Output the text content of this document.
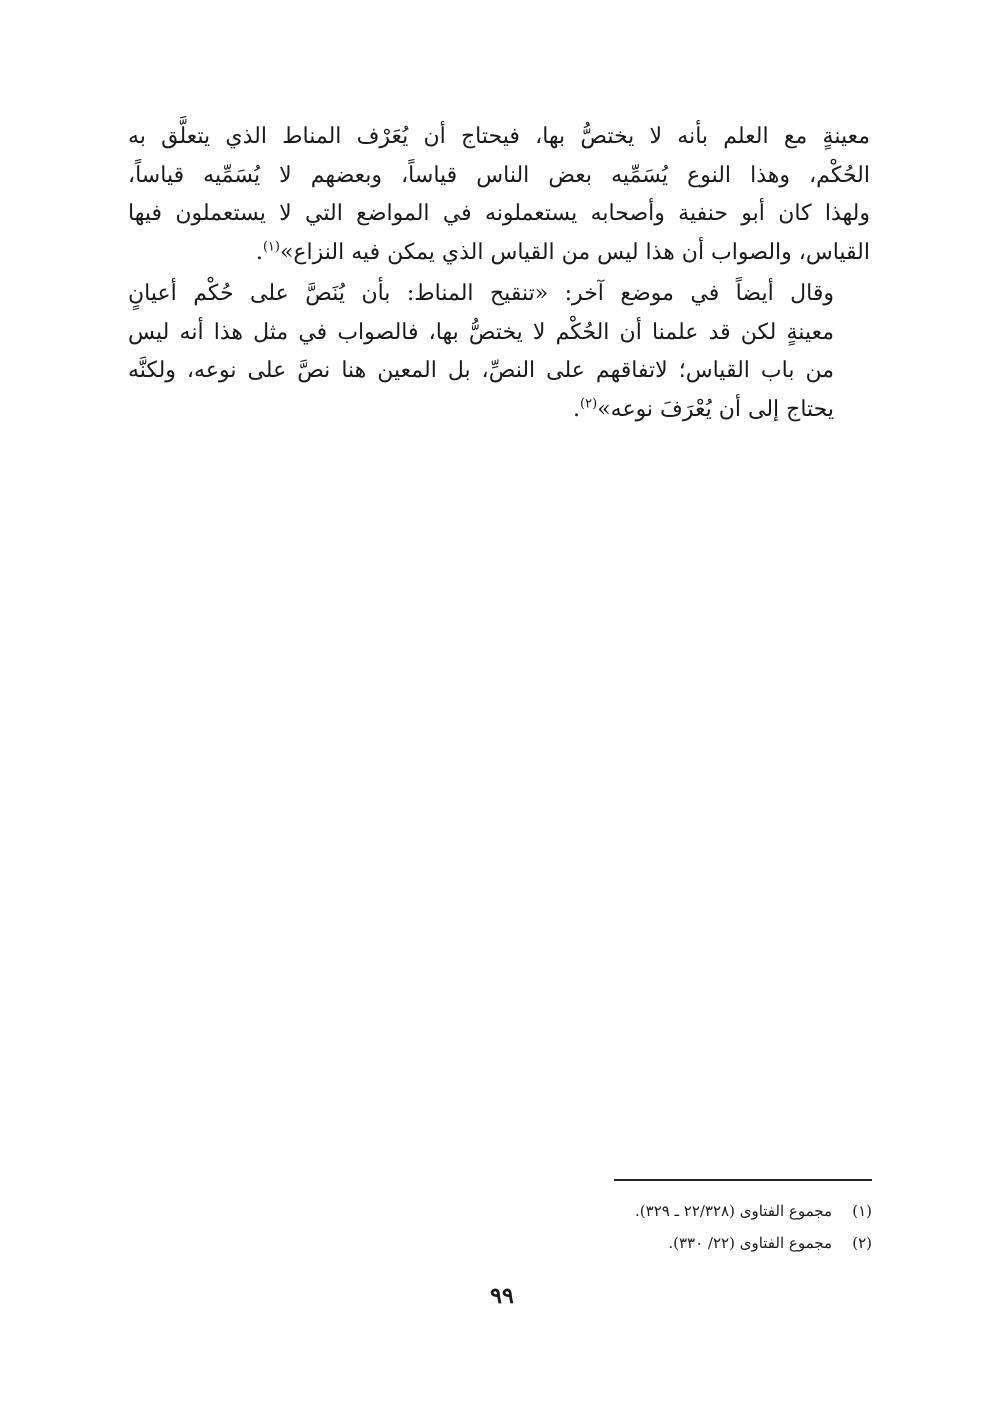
معينةٍ مع العلم بأنه لا يختصُّ بها، فيحتاج أن يُعَرْف المناط الذي يتعلَّق به
الحُكْم، وهذا النوع يُسَمِّيه بعض الناس قياساً، وبعضهم لا يُسَمِّيه قياساً،
ولهذا كان أبو حنفية وأصحابه يستعملونه في المواضع التي لا يستعملون فيها
القياس، والصواب أن هذا ليس من القياس الذي يمكن فيه النزاع»$^{(١)}$.

وقال أيضاً في موضع آخر: «تنقيح المناط: بأن يُنَصَّ على حُكْم أعيانٍ
معينةٍ لكن قد علمنا أن الحُكْم لا يختصُّ بها، فالصواب في مثل هذا أنه ليس
من باب القياس؛ لاتفاقهم على النصِّ، بل المعين هنا نصَّ على نوعه، ولكنَّه
يحتاج إلى أن يُعْرَفَ نوعه»$^{(٢)}$.

(١)مجموع الفتاوى (٢٢/٣٢٨ ـ ٣٢٩).
(٢)مجموع الفتاوى (٢٢/ ٣٣٠).
٩٩
